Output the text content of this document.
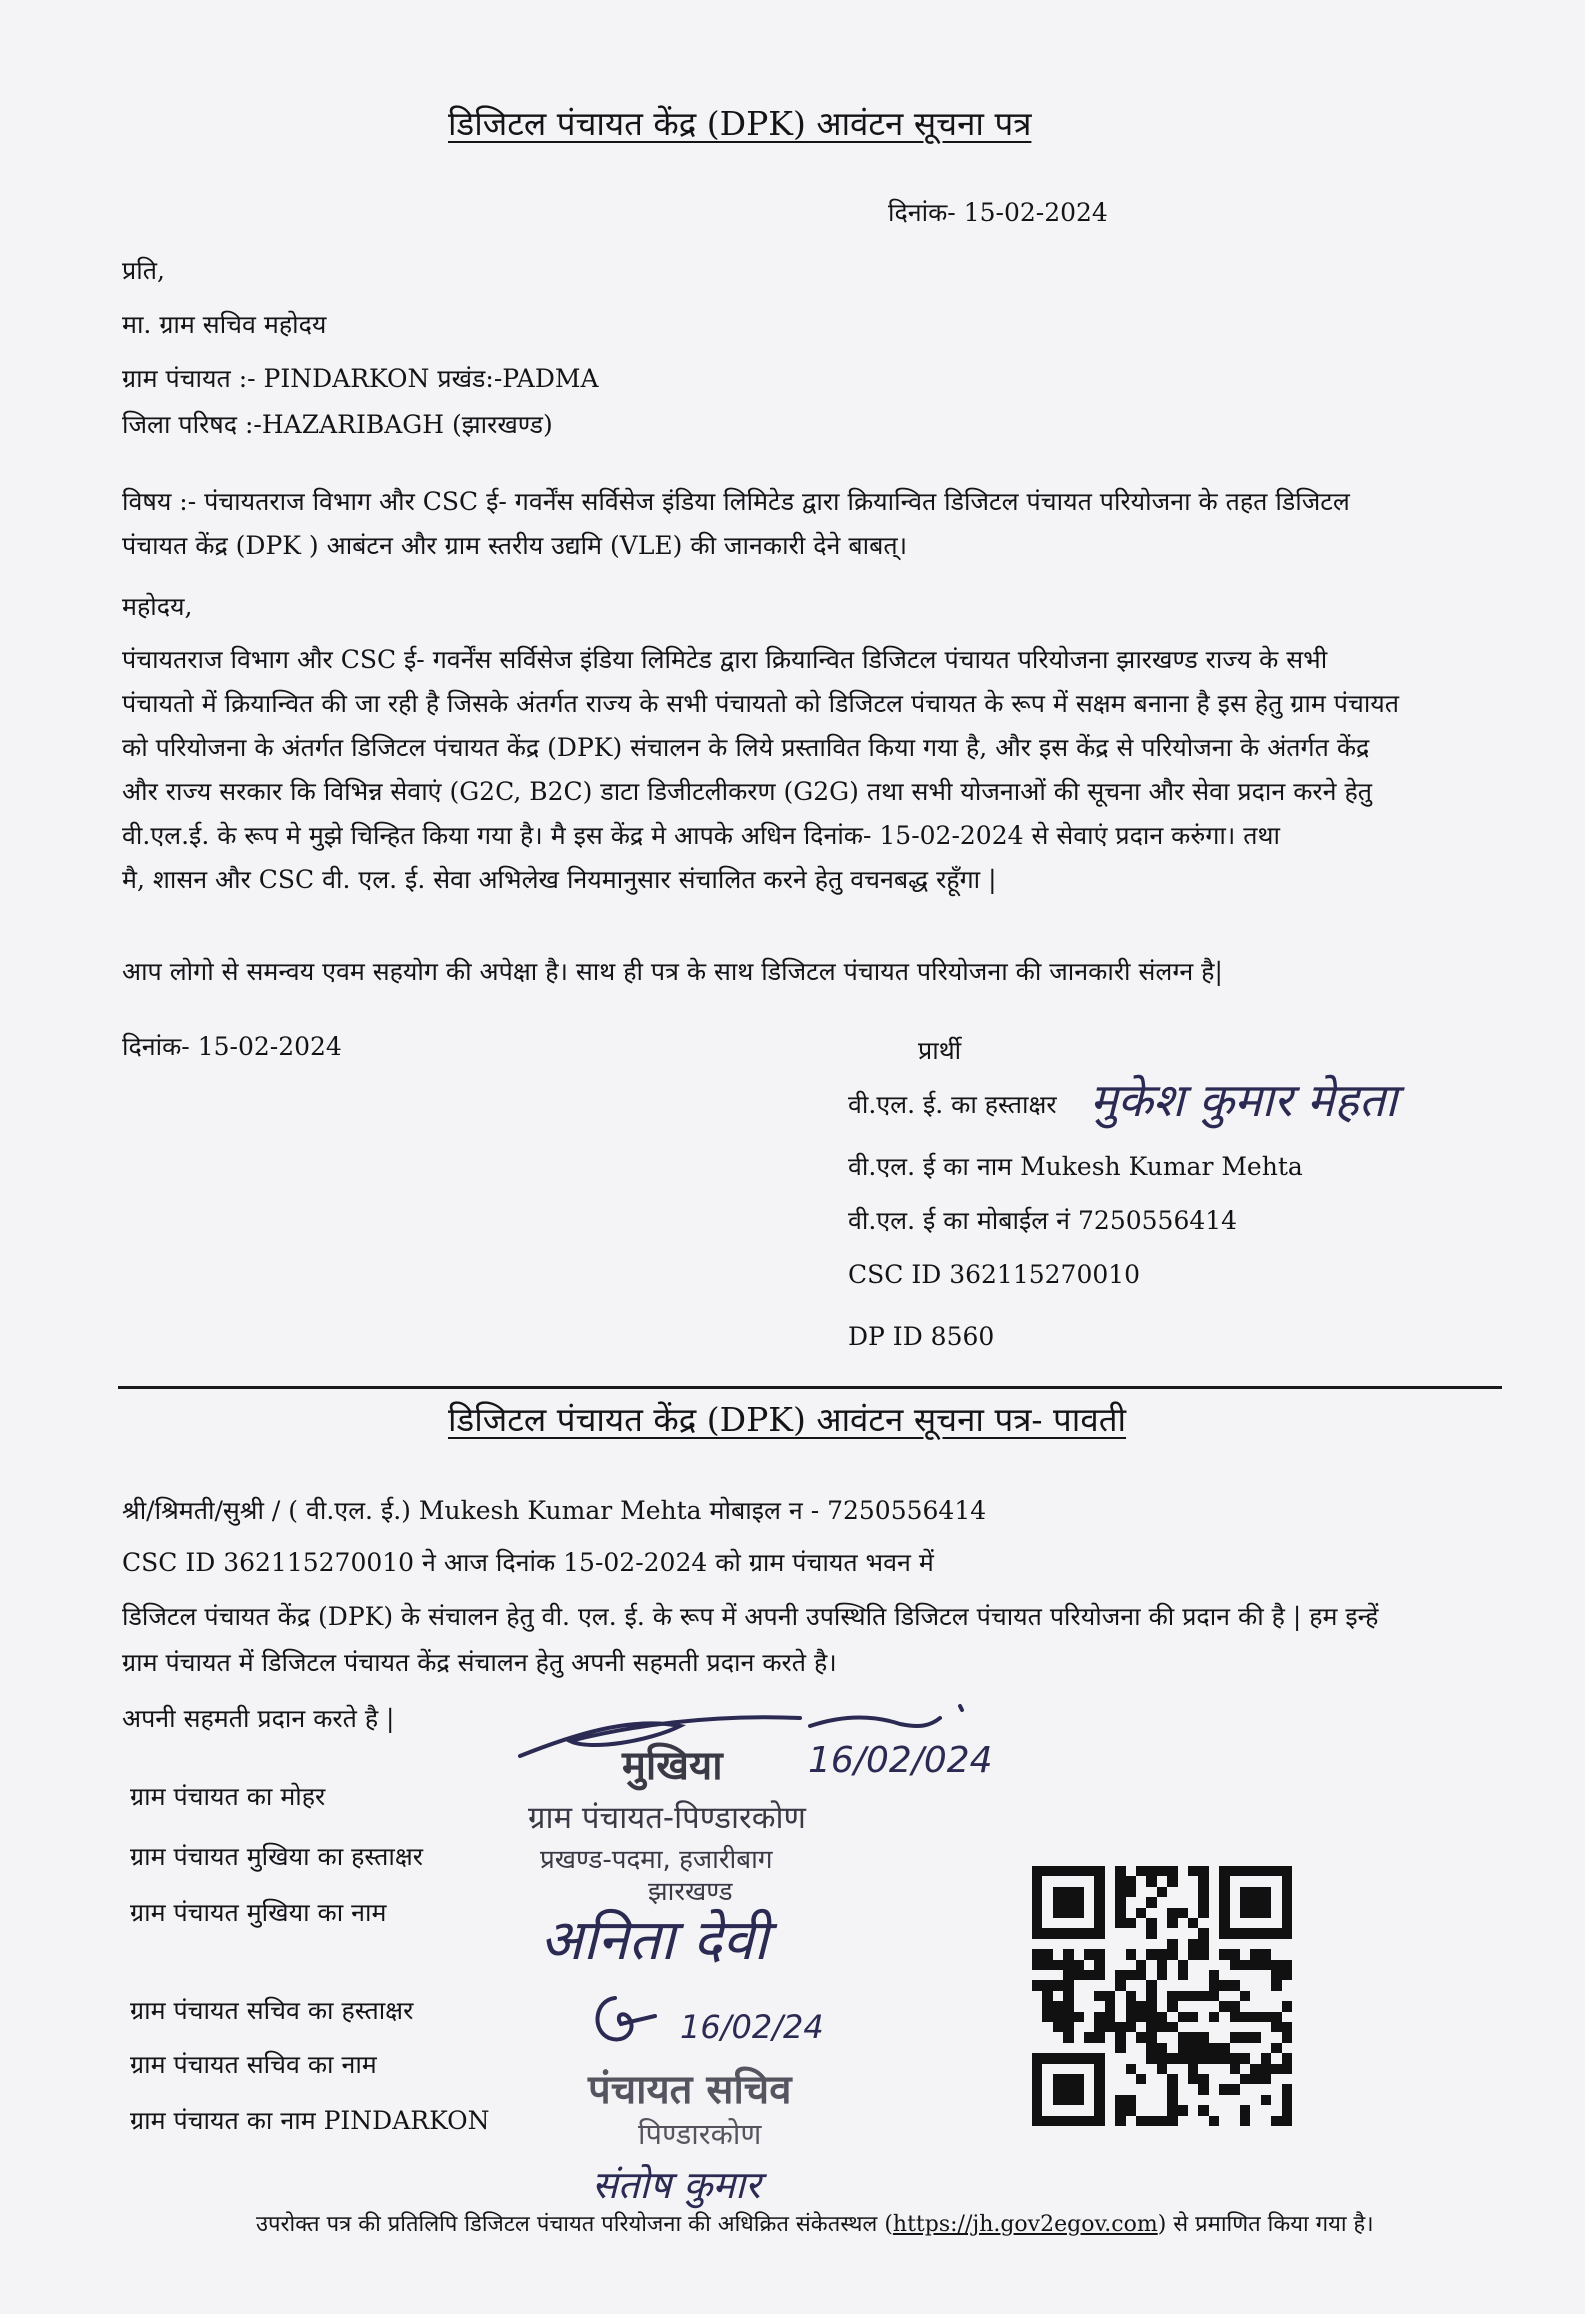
डिजिटल पंचायत केंद्र (DPK) आवंटन सूचना पत्र
दिनांक- 15-02-2024
प्रति,
मा. ग्राम सचिव महोदय
ग्राम पंचायत :- PINDARKON प्रखंड:-PADMA
जिला परिषद :-HAZARIBAGH (झारखण्ड)
विषय :- पंचायतराज विभाग और CSC ई- गवर्नेंस सर्विसेज इंडिया लिमिटेड द्वारा क्रियान्वित डिजिटल पंचायत परियोजना के तहत डिजिटल
पंचायत केंद्र (DPK ) आबंटन और ग्राम स्तरीय उद्यमि (VLE) की जानकारी देने बाबत्।
महोदय,
पंचायतराज विभाग और CSC ई- गवर्नेंस सर्विसेज इंडिया लिमिटेड द्वारा क्रियान्वित डिजिटल पंचायत परियोजना झारखण्ड राज्य के सभी
पंचायतो में क्रियान्वित की जा रही है जिसके अंतर्गत राज्य के सभी पंचायतो को डिजिटल पंचायत के रूप में सक्षम बनाना है इस हेतु ग्राम पंचायत
को परियोजना के अंतर्गत डिजिटल पंचायत केंद्र (DPK) संचालन के लिये प्रस्तावित किया गया है, और इस केंद्र से परियोजना के अंतर्गत केंद्र
और राज्य सरकार कि विभिन्न सेवाएं (G2C, B2C) डाटा डिजीटलीकरण (G2G) तथा सभी योजनाओं की सूचना और सेवा प्रदान करने हेतु
वी.एल.ई. के रूप मे मुझे चिन्हित किया गया है। मै इस केंद्र मे आपके अधिन दिनांक- 15-02-2024 से सेवाएं प्रदान करुंगा। तथा
मै, शासन और CSC वी. एल. ई. सेवा अभिलेख नियमानुसार संचालित करने हेतु वचनबद्ध रहूँगा |
आप लोगो से समन्वय एवम सहयोग की अपेक्षा है। साथ ही पत्र के साथ डिजिटल पंचायत परियोजना की जानकारी संलग्न है|
दिनांक- 15-02-2024	प्रार्थी
वी.एल. ई. का हस्ताक्षर मुकेश कुमार मेहता
वी.एल. ई का नाम Mukesh Kumar Mehta
वी.एल. ई का मोबाईल नं 7250556414
CSC ID 362115270010
DP ID 8560
डिजिटल पंचायत केंद्र (DPK) आवंटन सूचना पत्र- पावती
श्री/श्रिमती/सुश्री / ( वी.एल. ई.) Mukesh Kumar Mehta मोबाइल न - 7250556414
CSC ID 362115270010 ने आज दिनांक 15-02-2024 को ग्राम पंचायत भवन में
डिजिटल पंचायत केंद्र (DPK) के संचालन हेतु वी. एल. ई. के रूप में अपनी उपस्थिति डिजिटल पंचायत परियोजना की प्रदान की है | हम इन्हें
ग्राम पंचायत में डिजिटल पंचायत केंद्र संचालन हेतु अपनी सहमती प्रदान करते है।
अपनी सहमती प्रदान करते है |
ग्राम पंचायत का मोहर
ग्राम पंचायत मुखिया का हस्ताक्षर
ग्राम पंचायत मुखिया का नाम
ग्राम पंचायत सचिव का हस्ताक्षर
ग्राम पंचायत सचिव का नाम
ग्राम पंचायत का नाम PINDARKON
मुखिया 16/02/024
ग्राम पंचायत-पिण्डारकोण
प्रखण्ड-पदमा, हजारीबाग
झारखण्ड
अनिता देवी
16/02/24
पंचायत सचिव
पिण्डारकोण
संतोष कुमार
उपरोक्त पत्र की प्रतिलिपि डिजिटल पंचायत परियोजना की अधिक्रित संकेतस्थल (https://jh.gov2egov.com) से प्रमाणित किया गया है।
